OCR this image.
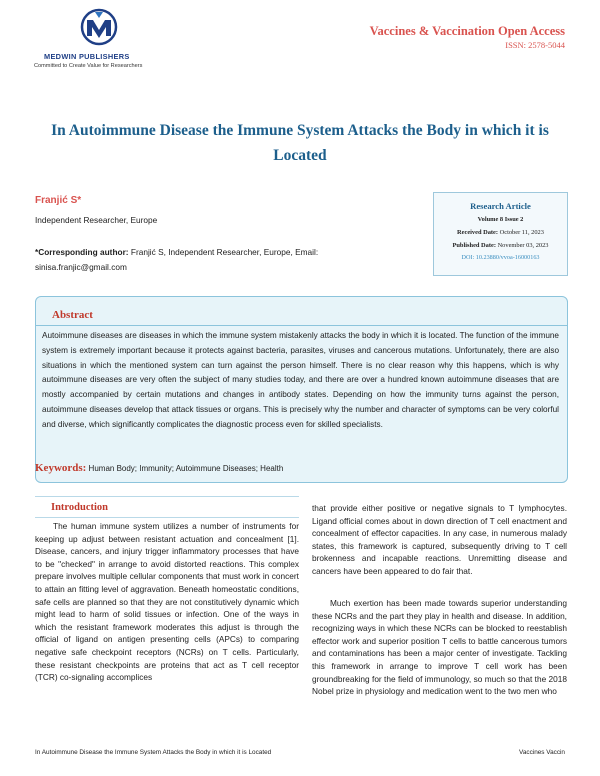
MEDWIN PUBLISHERS
Committed to Create Value for Researchers
Vaccines & Vaccination Open Access
ISSN: 2578-5044
In Autoimmune Disease the Immune System Attacks the Body in which it is Located
Franjić S*
Independent Researcher, Europe
*Corresponding author: Franjić S, Independent Researcher, Europe, Email: sinisa.franjic@gmail.com
Research Article
Volume 8 Issue 2
Received Date: October 11, 2023
Published Date: November 03, 2023
DOI: 10.23880/vvoa-16000163
Abstract
Autoimmune diseases are diseases in which the immune system mistakenly attacks the body in which it is located. The function of the immune system is extremely important because it protects against bacteria, parasites, viruses and cancerous mutations. Unfortunately, there are also situations in which the mentioned system can turn against the person himself. There is no clear reason why this happens, which is why autoimmune diseases are very often the subject of many studies today, and there are over a hundred known autoimmune diseases that are mostly accompanied by certain mutations and changes in antibody states. Depending on how the immunity turns against the person, autoimmune diseases develop that attack tissues or organs. This is precisely why the number and character of symptoms can be very colorful and diverse, which significantly complicates the diagnostic process even for skilled specialists.
Keywords: Human Body; Immunity; Autoimmune Diseases; Health
Introduction
The human immune system utilizes a number of instruments for keeping up adjust between resistant actuation and concealment [1]. Disease, cancers, and injury trigger inflammatory processes that have to be "checked" in arrange to avoid distorted reactions. This complex prepare involves multiple cellular components that must work in concert to attain an fitting level of aggravation. Beneath homeostatic conditions, safe cells are planned so that they are not constitutively dynamic which might lead to harm of solid tissues or infection. One of the ways in which the resistant framework moderates this adjust is through the official of ligand on antigen presenting cells (APCs) to comparing negative safe checkpoint receptors (NCRs) on T cells. Particularly, these resistant checkpoints are proteins that act as T cell receptor (TCR) co-signaling accomplices
that provide either positive or negative signals to T lymphocytes. Ligand official comes about in down direction of T cell enactment and concealment of effector capacities. In any case, in numerous malady states, this framework is captured, subsequently driving to T cell brokenness and incapable reactions. Unremitting disease and cancers have been appeared to do fair that.
Much exertion has been made towards superior understanding these NCRs and the part they play in health and disease. In addition, recognizing ways in which these NCRs can be blocked to reestablish effector work and superior position T cells to battle cancerous tumors and contaminations has been a major center of investigate. Tackling this framework in arrange to improve T cell work has been groundbreaking for the field of immunology, so much so that the 2018 Nobel prize in physiology and medication went to the two men who
In Autoimmune Disease the Immune System Attacks the Body in which it is Located	Vaccines Vaccin
